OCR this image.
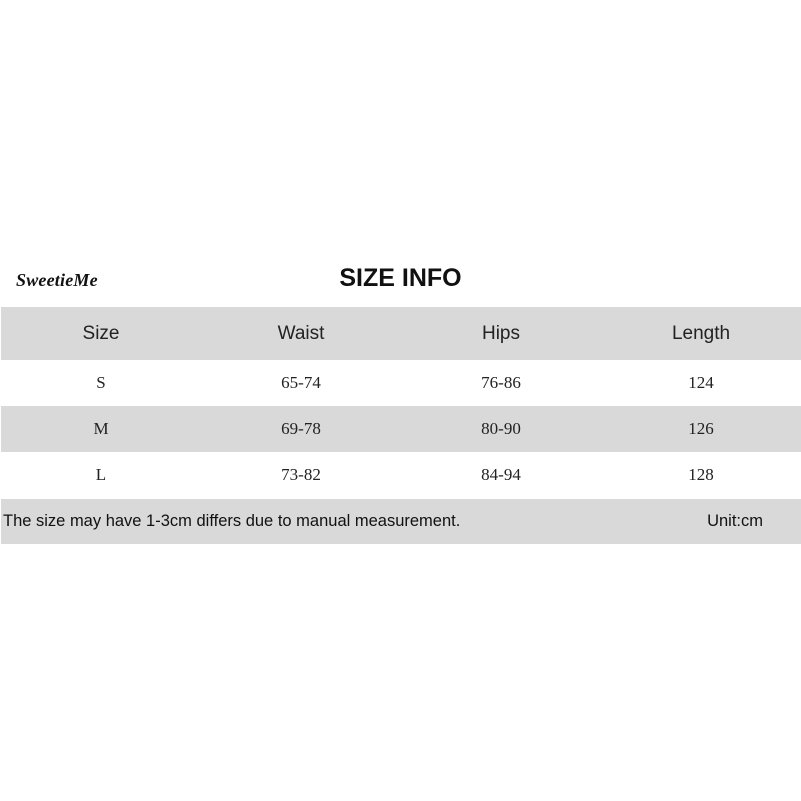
SweetieMe	SIZE INFO
Size	Waist	Hips	Length
S	65-74	76-86	124
M	69-78	80-90	126
L	73-82	84-94	128
The size may have 1-3cm differs due to manual measurement.	Unit:cm
